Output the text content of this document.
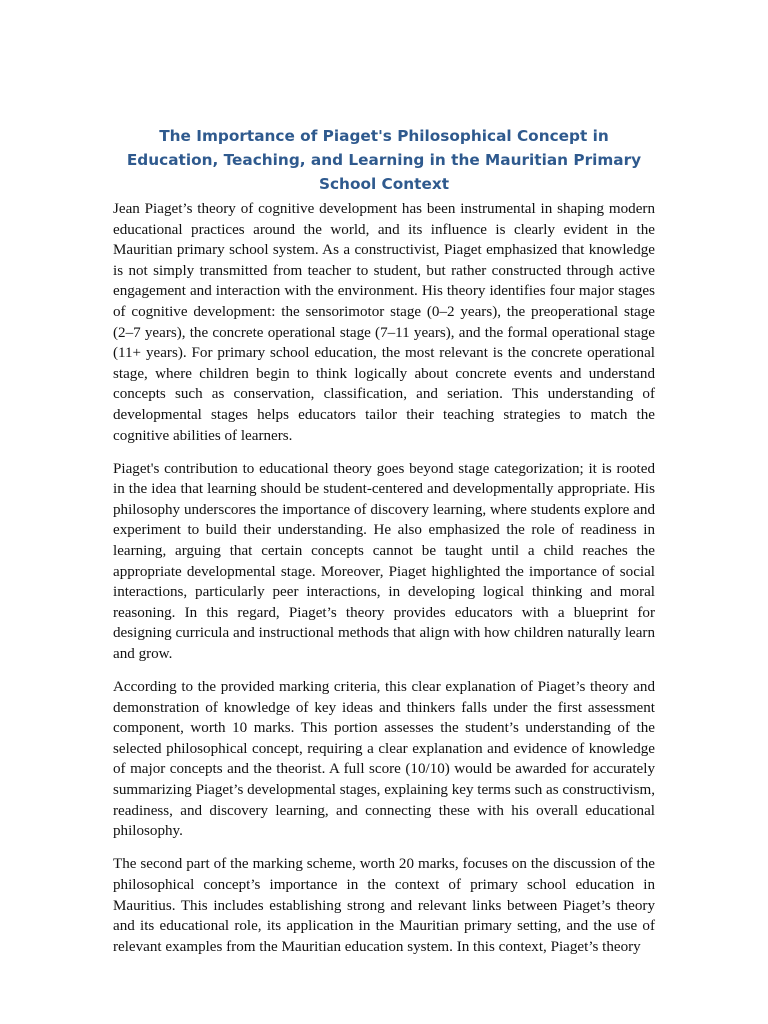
The Importance of Piaget's Philosophical Concept in Education, Teaching, and Learning in the Mauritian Primary School Context

Jean Piaget’s theory of cognitive development has been instrumental in shaping modern educational practices around the world, and its influence is clearly evident in the Mauritian primary school system. As a constructivist, Piaget emphasized that knowledge is not simply transmitted from teacher to student, but rather constructed through active engagement and interaction with the environment. His theory identifies four major stages of cognitive development: the sensorimotor stage (0–2 years), the preoperational stage (2–7 years), the concrete operational stage (7–11 years), and the formal operational stage (11+ years). For primary school education, the most relevant is the concrete operational stage, where children begin to think logically about concrete events and understand concepts such as conservation, classification, and seriation. This understanding of developmental stages helps educators tailor their teaching strategies to match the cognitive abilities of learners.

Piaget's contribution to educational theory goes beyond stage categorization; it is rooted in the idea that learning should be student-centered and developmentally appropriate. His philosophy underscores the importance of discovery learning, where students explore and experiment to build their understanding. He also emphasized the role of readiness in learning, arguing that certain concepts cannot be taught until a child reaches the appropriate developmental stage. Moreover, Piaget highlighted the importance of social interactions, particularly peer interactions, in developing logical thinking and moral reasoning. In this regard, Piaget’s theory provides educators with a blueprint for designing curricula and instructional methods that align with how children naturally learn and grow.

According to the provided marking criteria, this clear explanation of Piaget’s theory and demonstration of knowledge of key ideas and thinkers falls under the first assessment component, worth 10 marks. This portion assesses the student’s understanding of the selected philosophical concept, requiring a clear explanation and evidence of knowledge of major concepts and the theorist. A full score (10/10) would be awarded for accurately summarizing Piaget’s developmental stages, explaining key terms such as constructivism, readiness, and discovery learning, and connecting these with his overall educational philosophy.

The second part of the marking scheme, worth 20 marks, focuses on the discussion of the philosophical concept’s importance in the context of primary school education in Mauritius. This includes establishing strong and relevant links between Piaget’s theory and its educational role, its application in the Mauritian primary setting, and the use of relevant examples from the Mauritian education system. In this context, Piaget’s theory
